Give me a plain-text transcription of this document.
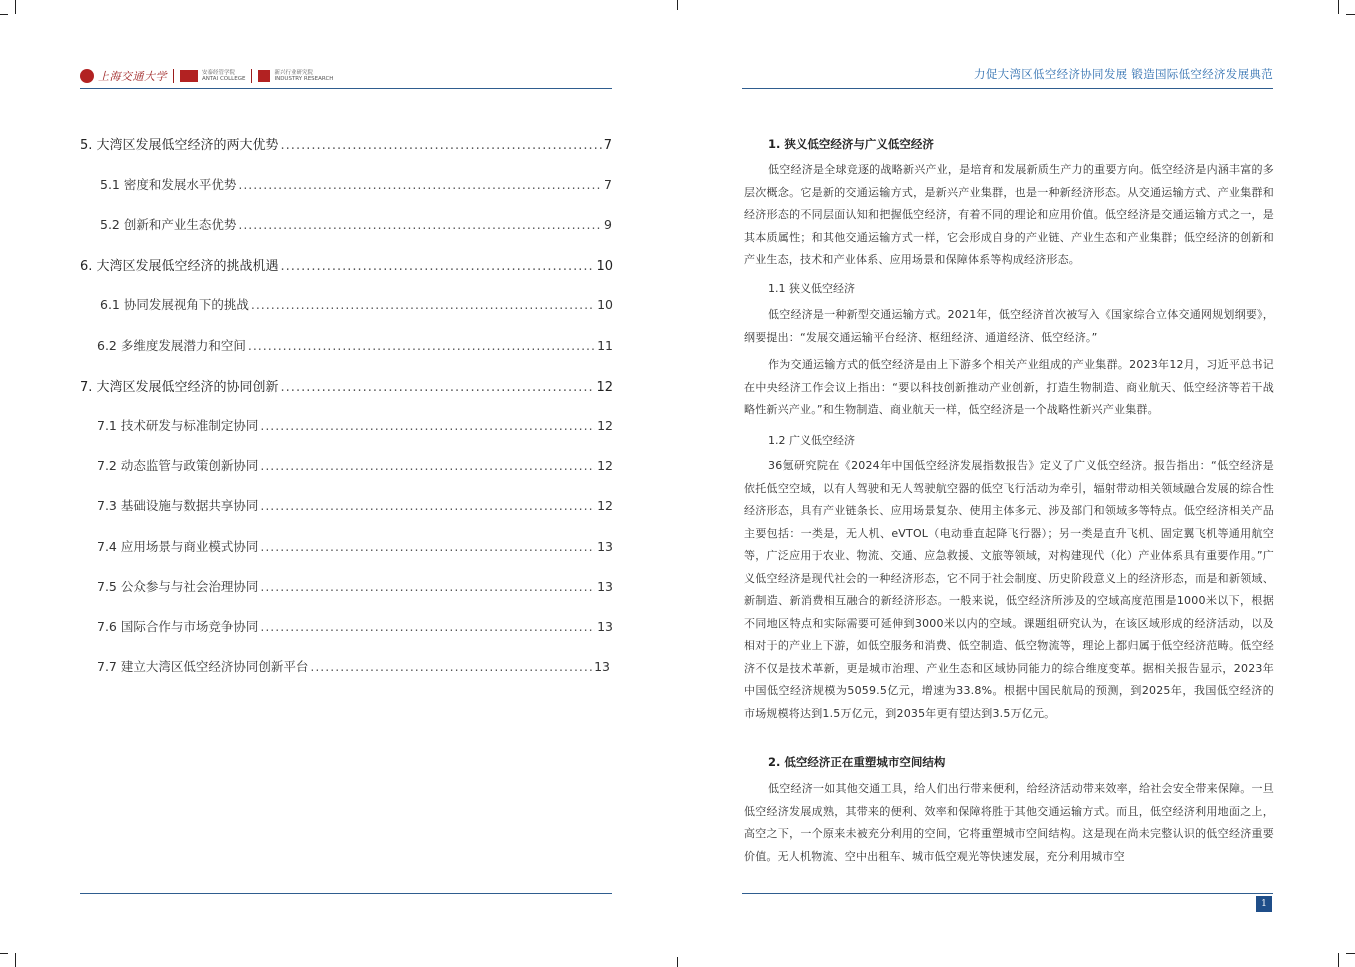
上海交通大学	安泰经管学院
ANTAI COLLEGE
新兴行业研究院
INDUSTRY RESEARCH
5. 大湾区发展低空经济的两大优势 .....	7
5.1 密度和发展水平优势 .....	7
5.2 创新和产业生态优势 .....	9
6. 大湾区发展低空经济的挑战机遇 .....	10
6.1 协同发展视角下的挑战 .....	10
6.2 多维度发展潜力和空间 .....	11
7. 大湾区发展低空经济的协同创新 .....	12
7.1 技术研发与标准制定协同 .....	12
7.2 动态监管与政策创新协同 .....	12
7.3 基础设施与数据共享协同 .....	12
7.4 应用场景与商业模式协同 .....	13
7.5 公众参与与社会治理协同 .....	13
7.6 国际合作与市场竞争协同 .....	13
7.7 建立大湾区低空经济协同创新平台 .....	13
力促大湾区低空经济协同发展 锻造国际低空经济发展典范
1. 狭义低空经济与广义低空经济
低空经济是全球竞逐的战略新兴产业，是培育和发展新质生产力的重要方向。低空经济是内涵丰富的多层次概念。它是新的交通运输方式，是新兴产业集群，也是一种新经济形态。从交通运输方式、产业集群和经济形态的不同层面认知和把握低空经济，有着不同的理论和应用价值。低空经济是交通运输方式之一，是其本质属性；和其他交通运输方式一样，它会形成自身的产业链、产业生态和产业集群；低空经济的创新和产业生态，技术和产业体系、应用场景和保障体系等构成经济形态。
1.1 狭义低空经济
低空经济是一种新型交通运输方式。2021年，低空经济首次被写入《国家综合立体交通网规划纲要》，纲要提出：“发展交通运输平台经济、枢纽经济、通道经济、低空经济。”
作为交通运输方式的低空经济是由上下游多个相关产业组成的产业集群。2023年12月，习近平总书记在中央经济工作会议上指出：“要以科技创新推动产业创新，打造生物制造、商业航天、低空经济等若干战略性新兴产业。”和生物制造、商业航天一样，低空经济是一个战略性新兴产业集群。
1.2 广义低空经济
36氪研究院在《2024年中国低空经济发展指数报告》定义了广义低空经济。报告指出：“低空经济是依托低空空域，以有人驾驶和无人驾驶航空器的低空飞行活动为牵引，辐射带动相关领域融合发展的综合性经济形态，具有产业链条长、应用场景复杂、使用主体多元、涉及部门和领域多等特点。低空经济相关产品主要包括：一类是，无人机、eVTOL（电动垂直起降飞行器）；另一类是直升飞机、固定翼飞机等通用航空等，广泛应用于农业、物流、交通、应急救援、文旅等领域，对构建现代（化）产业体系具有重要作用。”广义低空经济是现代社会的一种经济形态，它不同于社会制度、历史阶段意义上的经济形态，而是和新领域、新制造、新消费相互融合的新经济形态。一般来说，低空经济所涉及的空域高度范围是1000米以下，根据不同地区特点和实际需要可延伸到3000米以内的空域。课题组研究认为，在该区域形成的经济活动，以及相对于的产业上下游，如低空服务和消费、低空制造、低空物流等，理论上都归属于低空经济范畴。低空经济不仅是技术革新，更是城市治理、产业生态和区域协同能力的综合维度变革。据相关报告显示，2023年中国低空经济规模为5059.5亿元，增速为33.8%。根据中国民航局的预测，到2025年，我国低空经济的市场规模将达到1.5万亿元，到2035年更有望达到3.5万亿元。
2. 低空经济正在重塑城市空间结构
低空经济一如其他交通工具，给人们出行带来便利，给经济活动带来效率，给社会安全带来保障。一旦低空经济发展成熟，其带来的便利、效率和保障将胜于其他交通运输方式。而且，低空经济利用地面之上，高空之下，一个原来未被充分利用的空间，它将重塑城市空间结构。这是现在尚未完整认识的低空经济重要价值。无人机物流、空中出租车、城市低空观光等快速发展，充分利用城市空
1
